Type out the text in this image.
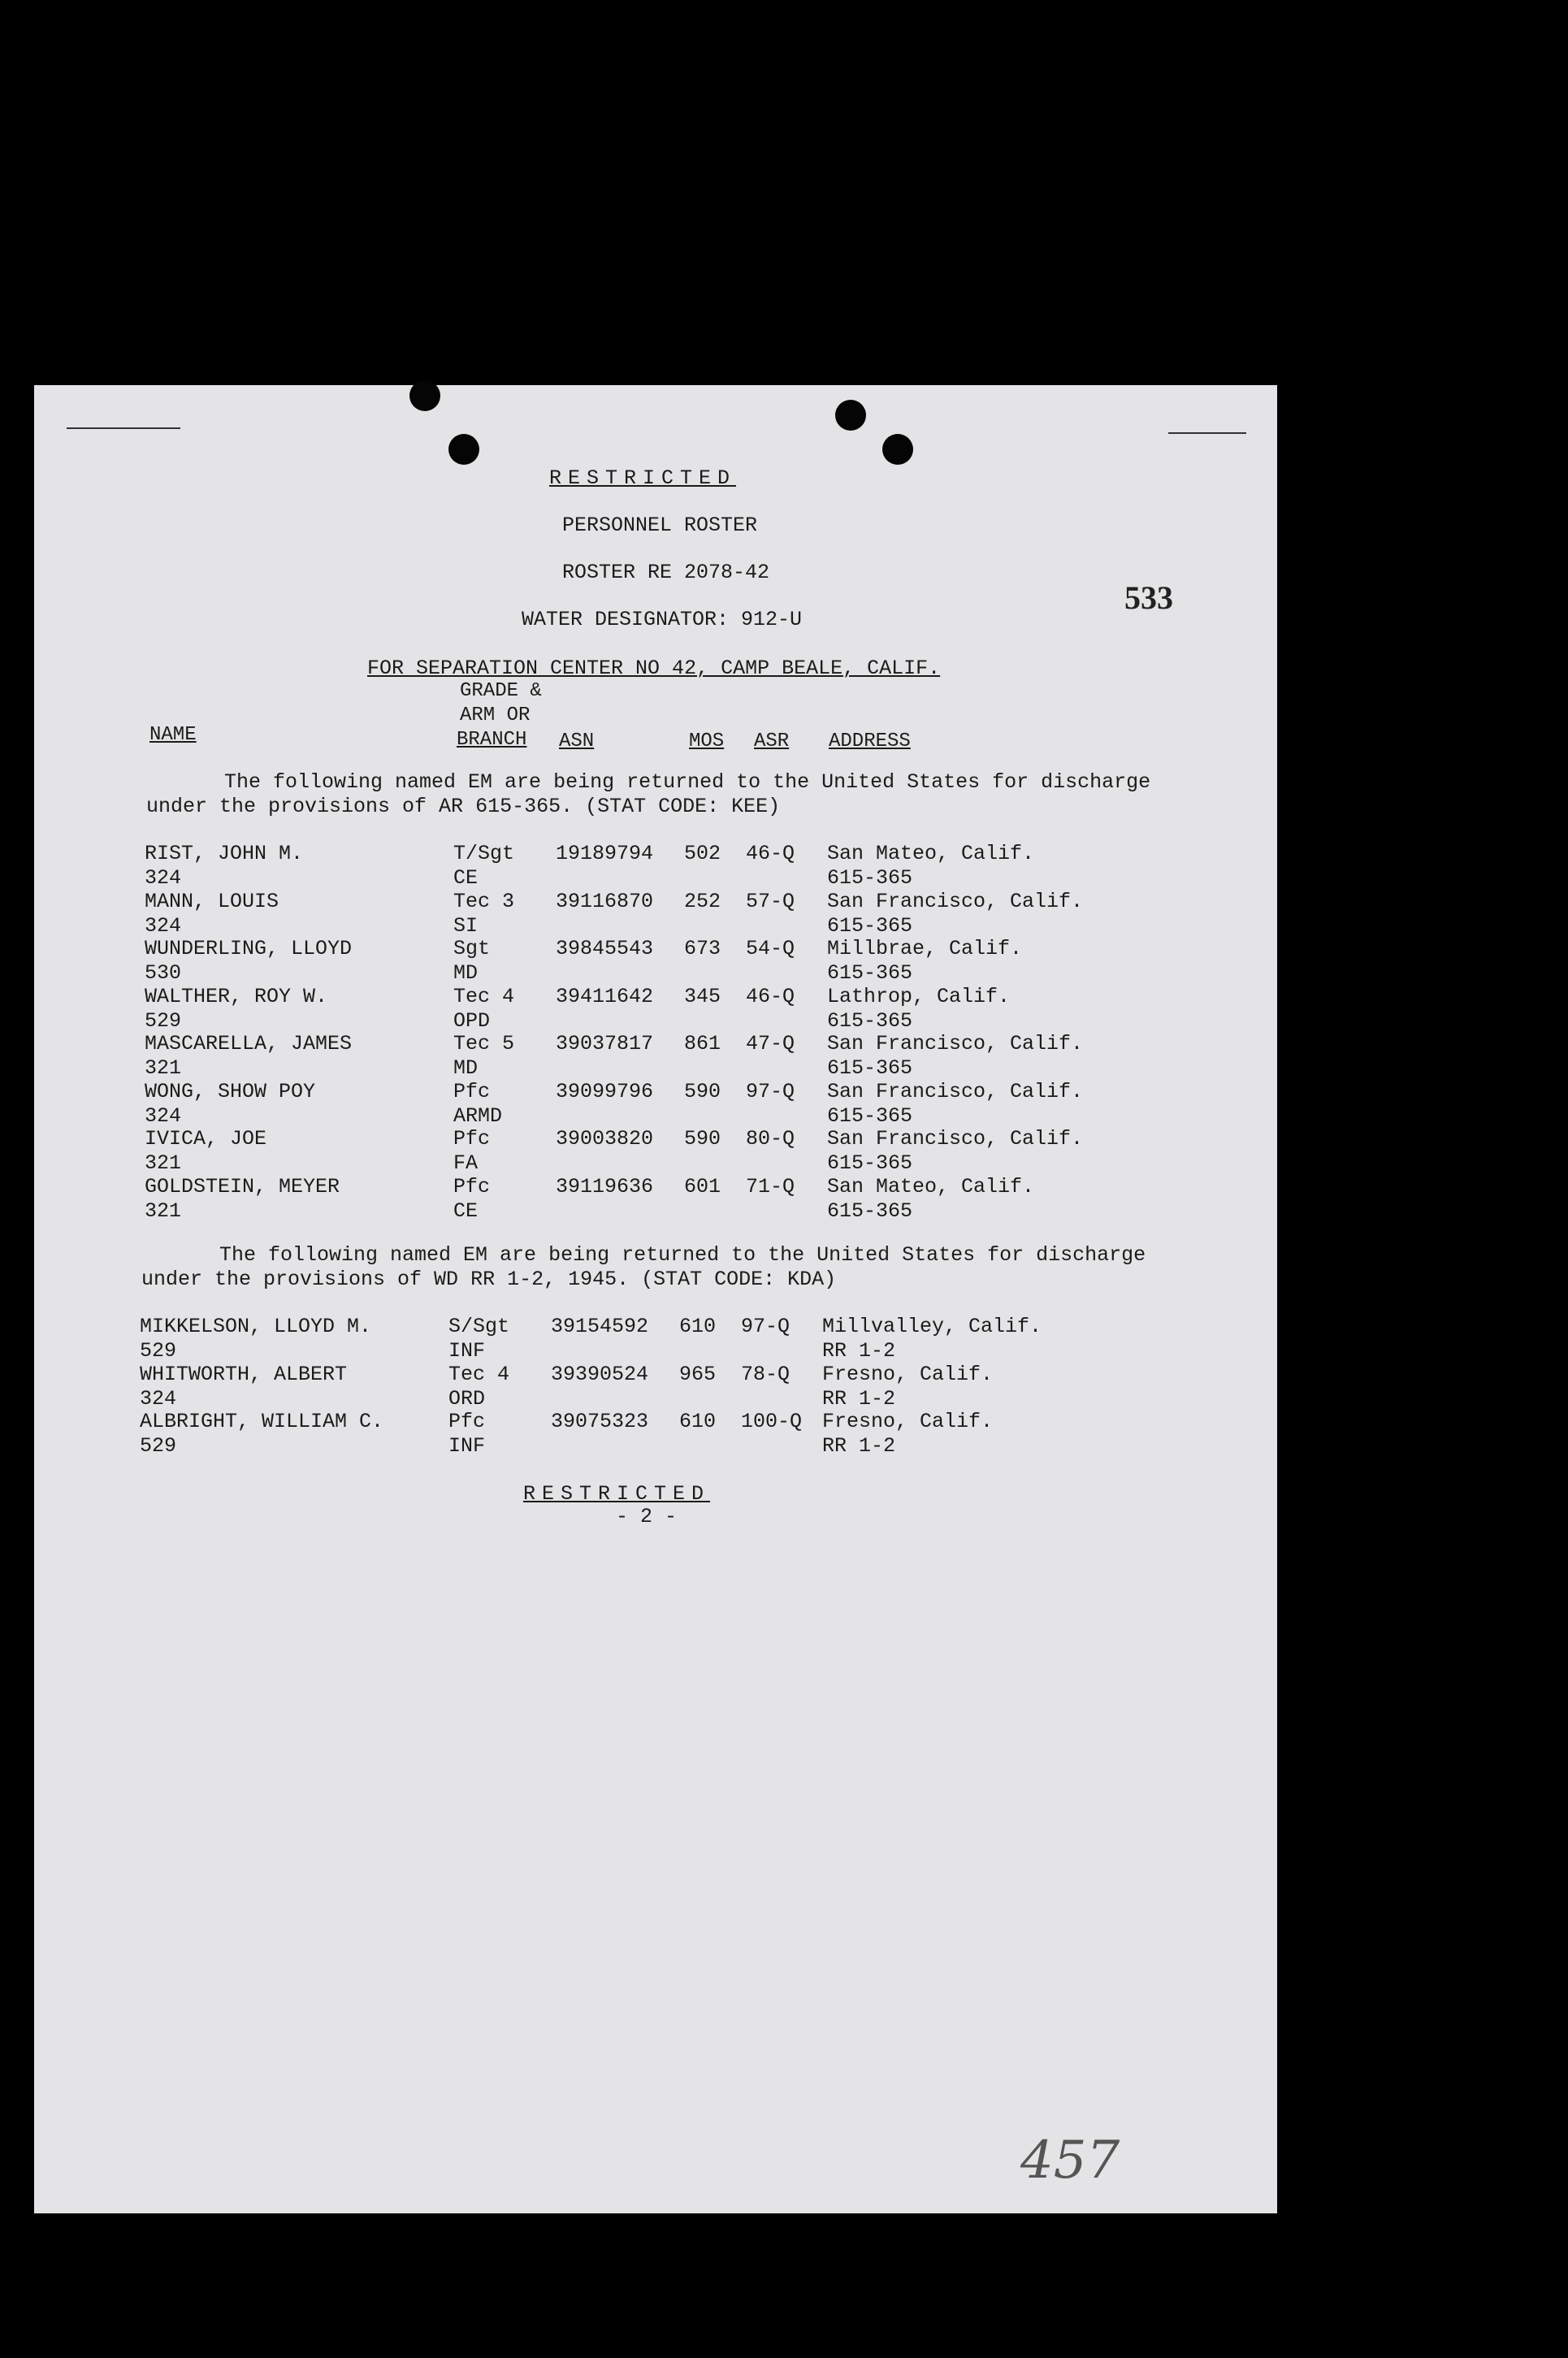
RESTRICTED
PERSONNEL ROSTER
ROSTER RE 2078-42
533
WATER DESIGNATOR: 912-U
FOR SEPARATION CENTER NO 42, CAMP BEALE, CALIF.
GRADE &
ARM OR
BRANCH
NAME	ASN	MOS ASR ADDRESS
The following named EM are being returned to the United States for discharge
under the provisions of AR 615-365. (STAT CODE: KEE)
RIST, JOHN M.	T/Sgt 19189794 502 46-Q San Mateo, Calif.
324	CE	615-365
MANN, LOUIS	Tec 3 39116870 252 57-Q San Francisco, Calif.
324	SI	615-365
WUNDERLING, LLOYD	Sgt	39845543 673 54-Q Millbrae, Calif.
530	MD	615-365
WALTHER, ROY W.	Tec 4 39411642 345 46-Q Lathrop, Calif.
529	OPD	615-365
MASCARELLA, JAMES	Tec 5 39037817 861 47-Q San Francisco, Calif.
321	MD	615-365
WONG, SHOW POY	Pfc	39099796 590 97-Q San Francisco, Calif.
324	ARMD	615-365
IVICA, JOE	Pfc	39003820 590 80-Q San Francisco, Calif.
321	FA	615-365
GOLDSTEIN, MEYER	Pfc	39119636 601 71-Q San Mateo, Calif.
321	CE	615-365
The following named EM are being returned to the United States for discharge
under the provisions of WD RR 1-2, 1945. (STAT CODE: KDA)
MIKKELSON, LLOYD M.	S/Sgt 39154592 610 97-Q Millvalley, Calif.
529	INF	RR 1-2
WHITWORTH, ALBERT	Tec 4 39390524 965 78-Q Fresno, Calif.
324	ORD	RR 1-2
ALBRIGHT, WILLIAM C.	Pfc	39075323 610 100-Q Fresno, Calif.
529	INF	RR 1-2
RESTRICTED
- 2 -
457
